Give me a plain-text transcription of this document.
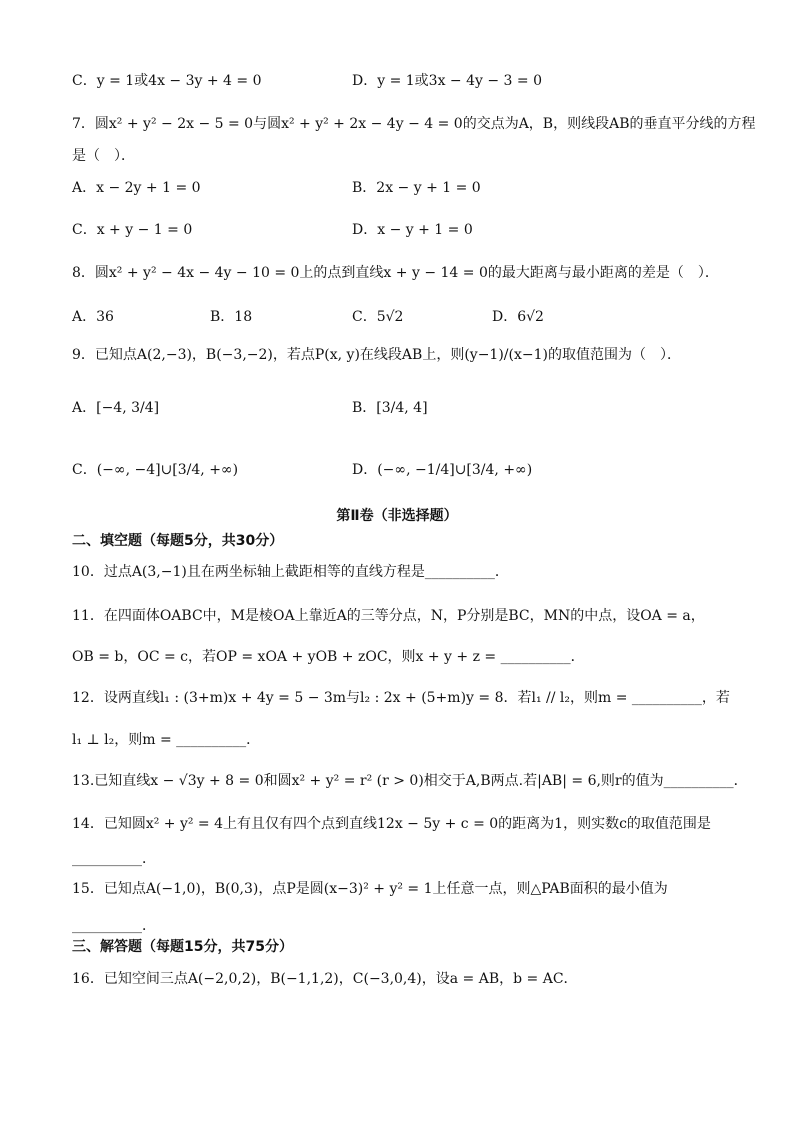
C．y = 1或4x − 3y + 4 = 0	D．y = 1或3x − 4y − 3 = 0
7．圆x² + y² − 2x − 5 = 0与圆x² + y² + 2x − 4y − 4 = 0的交点为A，B，则线段AB的垂直平分线的方程
是（　）．
A．x − 2y + 1 = 0	B．2x − y + 1 = 0
C．x + y − 1 = 0	D．x − y + 1 = 0
8．圆x² + y² − 4x − 4y − 10 = 0上的点到直线x + y − 14 = 0的最大距离与最小距离的差是（　）．
A．36	B．18	C．5√2	D．6√2
9．已知点A(2,−3)，B(−3,−2)，若点P(x, y)在线段AB上，则(y−1)/(x−1)的取值范围为（　）．
A．[−4, 3/4]	B．[3/4, 4]
C．(−∞, −4]∪[3/4, +∞)	D．(−∞, −1/4]∪[3/4, +∞)
第Ⅱ卷（非选择题）
二、填空题（每题5分，共30分）
10．过点A(3,−1)且在两坐标轴上截距相等的直线方程是__________．
11．在四面体OABC中，M是棱OA上靠近A的三等分点，N，P分别是BC，MN的中点，设OA = a，
OB = b，OC = c，若OP = xOA + yOB + zOC，则x + y + z = __________．
12．设两直线l₁ : (3+m)x + 4y = 5 − 3m与l₂ : 2x + (5+m)y = 8．若l₁ // l₂，则m = __________，若
l₁ ⊥ l₂，则m = __________．
13.已知直线x − √3y + 8 = 0和圆x² + y² = r² (r > 0)相交于A,B两点.若|AB| = 6,则r的值为__________．
14．已知圆x² + y² = 4上有且仅有四个点到直线12x − 5y + c = 0的距离为1，则实数c的取值范围是
__________．
15．已知点A(−1,0)，B(0,3)，点P是圆(x−3)² + y² = 1上任意一点，则△PAB面积的最小值为
__________．
三、解答题（每题15分，共75分）
16．已知空间三点A(−2,0,2)，B(−1,1,2)，C(−3,0,4)，设a = AB，b = AC．
